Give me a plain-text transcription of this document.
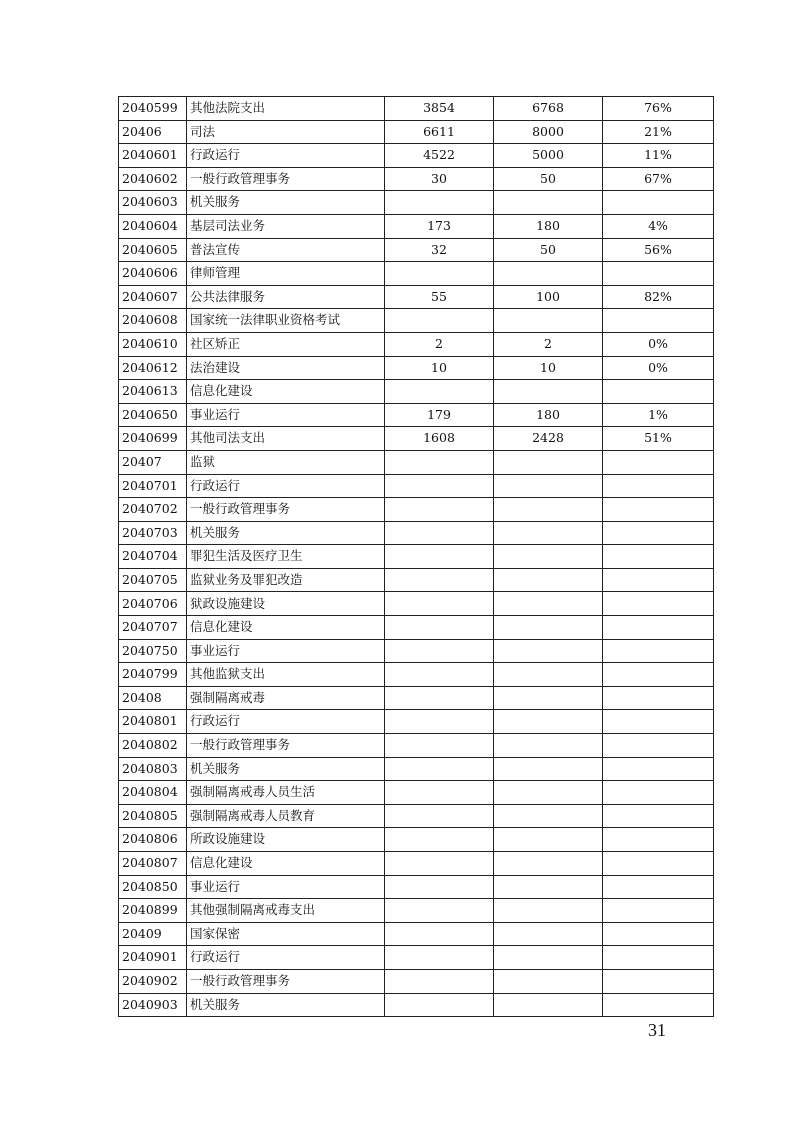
2040599	其他法院支出	3854	6768	76%
20406	司法	6611	8000	21%
2040601	行政运行	4522	5000	11%
2040602	一般行政管理事务	30	50	67%
2040603	机关服务			
2040604	基层司法业务	173	180	4%
2040605	普法宣传	32	50	56%
2040606	律师管理			
2040607	公共法律服务	55	100	82%
2040608	国家统一法律职业资格考试			
2040610	社区矫正	2	2	0%
2040612	法治建设	10	10	0%
2040613	信息化建设			
2040650	事业运行	179	180	1%
2040699	其他司法支出	1608	2428	51%
20407	监狱			
2040701	行政运行			
2040702	一般行政管理事务			
2040703	机关服务			
2040704	罪犯生活及医疗卫生			
2040705	监狱业务及罪犯改造			
2040706	狱政设施建设			
2040707	信息化建设			
2040750	事业运行			
2040799	其他监狱支出			
20408	强制隔离戒毒			
2040801	行政运行			
2040802	一般行政管理事务			
2040803	机关服务			
2040804	强制隔离戒毒人员生活			
2040805	强制隔离戒毒人员教育			
2040806	所政设施建设			
2040807	信息化建设			
2040850	事业运行			
2040899	其他强制隔离戒毒支出			
20409	国家保密			
2040901	行政运行			
2040902	一般行政管理事务			
2040903	机关服务			
31
